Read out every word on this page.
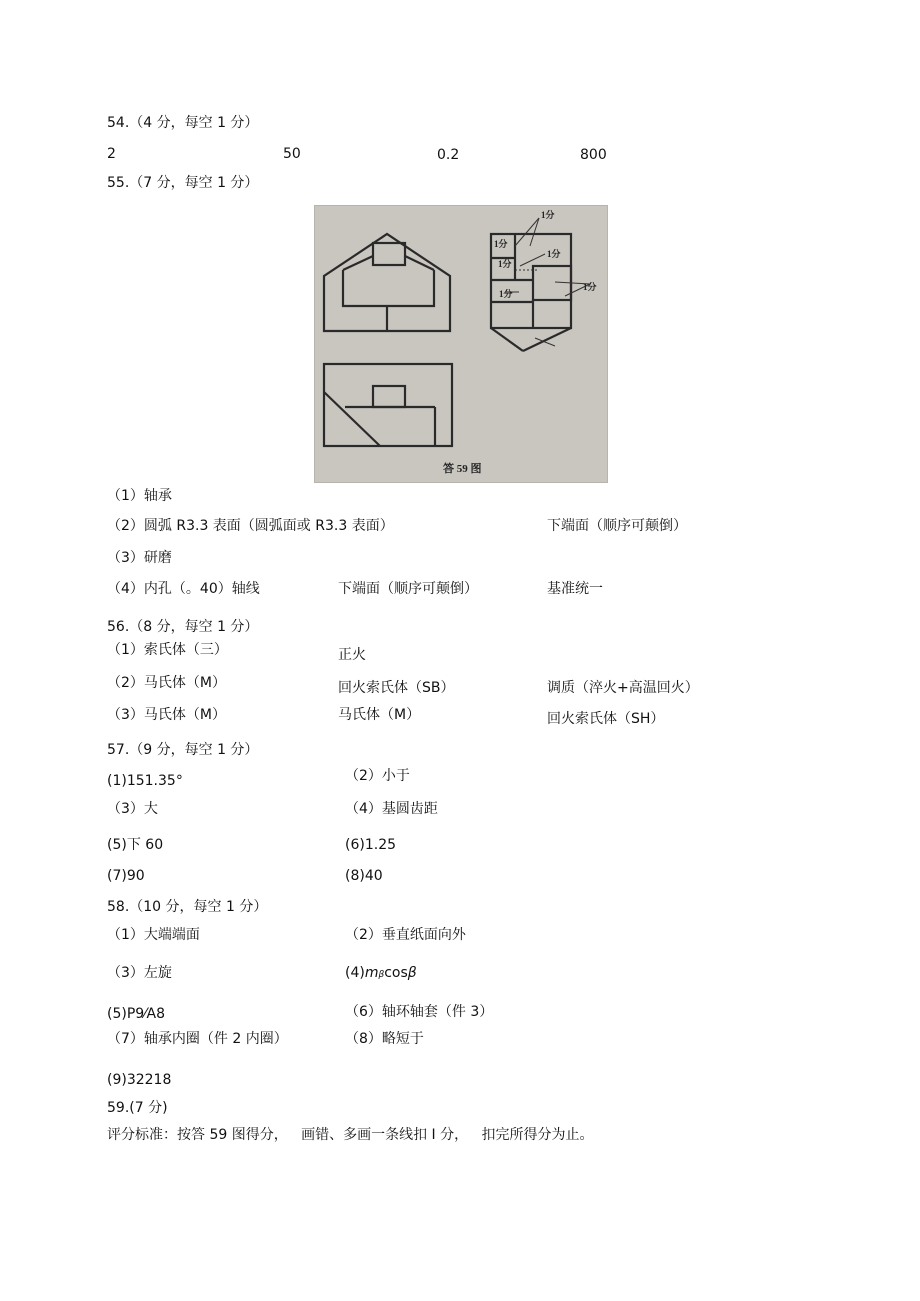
54.（4 分，每空 1 分）
2	50	0.2	800
55.（7 分，每空 1 分）
1分
1分
1分
1分
1分
1分
答 59 图
（1）轴承
（2）圆弧 R3.3 表面（圆弧面或 R3.3 表面）	下端面（顺序可颠倒）
（3）研磨
（4）内孔（。40）轴线	下端面（顺序可颠倒）	基准统一
56.（8 分，每空 1 分）
（1）索氏体（三）	正火
（2）马氏体（M）	回火索氏体（SB）	调质（淬火+高温回火）
（3）马氏体（M）	马氏体（M）	回火索氏体（SH）
57.（9 分，每空 1 分）
(1)151.35°	（2）小于
（3）大	（4）基圆齿距
(5)下 60	(6)1.25
(7)90	(8)40
58.（10 分，每空 1 分）
（1）大端端面	（2）垂直纸面向外
（3）左旋	(4)mβcosβ
(5)P9⁄A8	（6）轴环轴套（件 3）
（7）轴承内圈（件 2 内圈）	（8）略短于
(9)32218
59.(7 分)
评分标准：按答 59 图得分，   画错、多画一条线扣 I 分，   扣完所得分为止。
